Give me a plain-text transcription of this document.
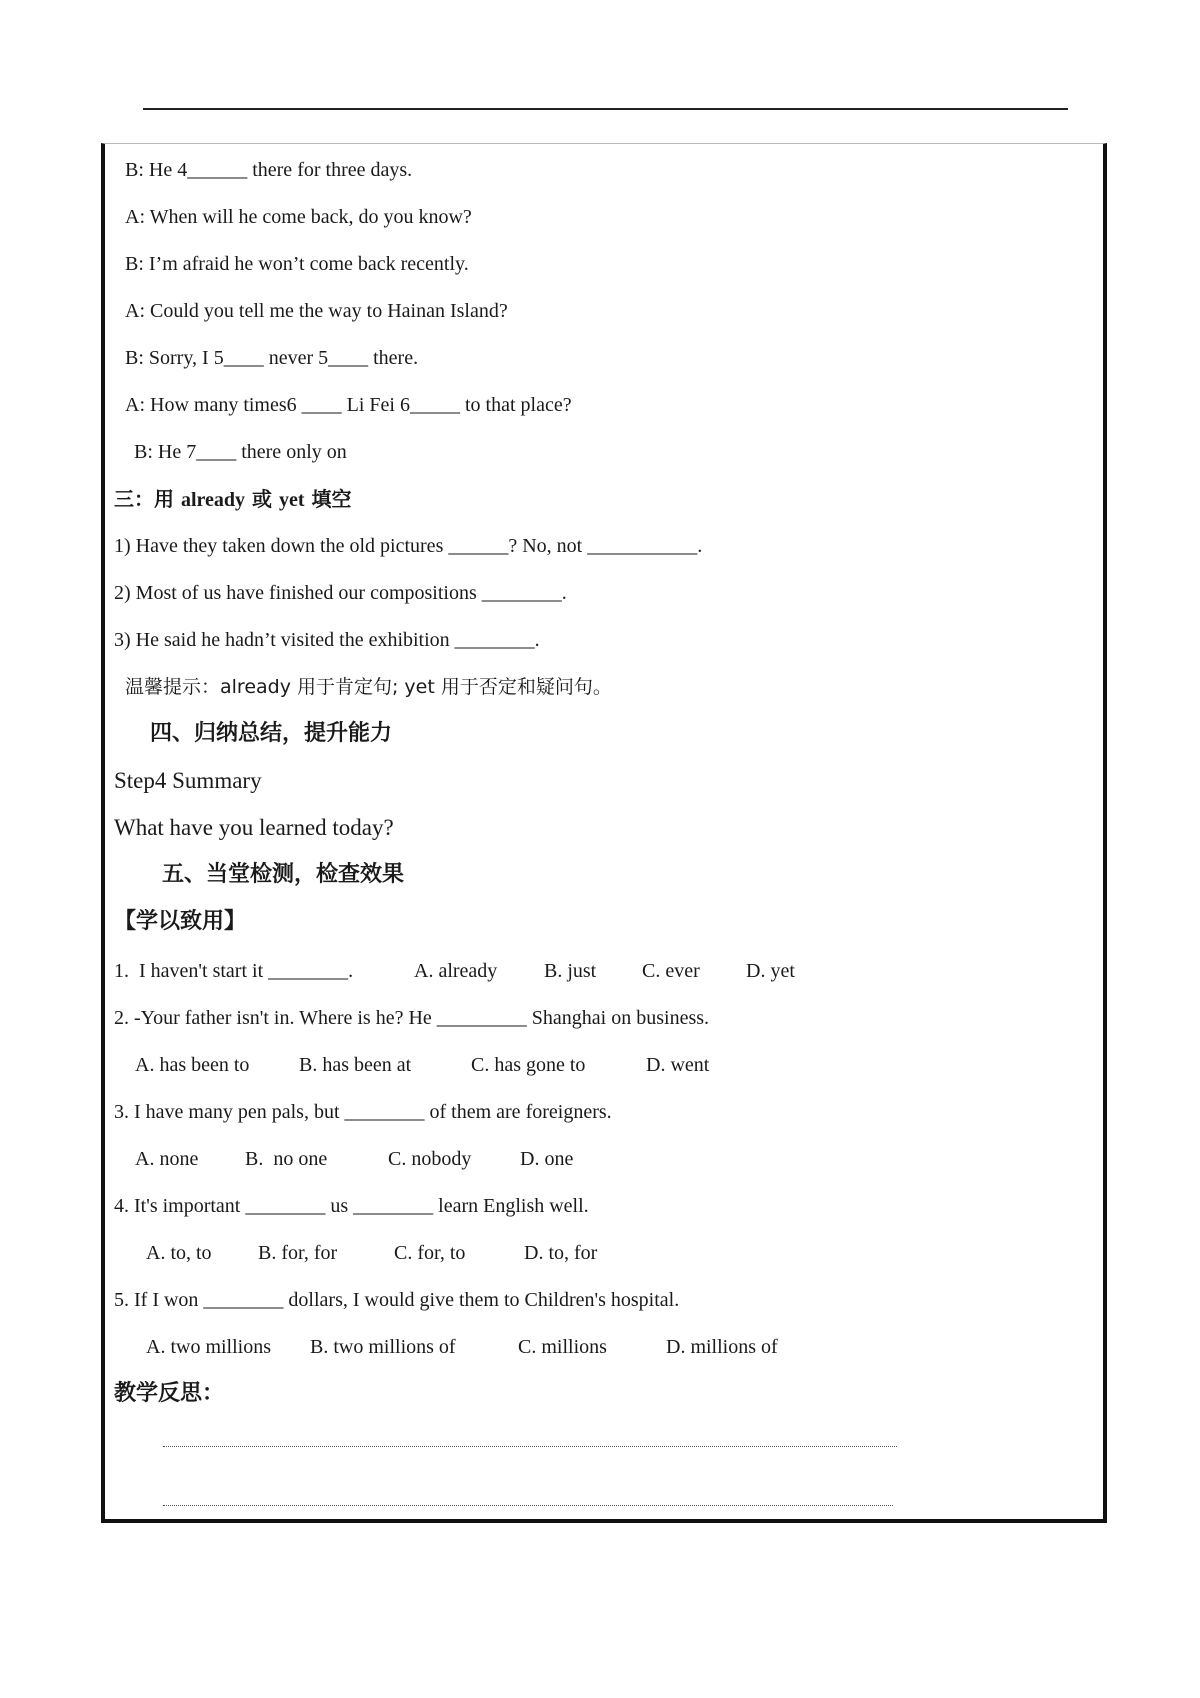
B: He 4______ there for three days.
A: When will he come back, do you know?
B: I’m afraid he won’t come back recently.
A: Could you tell me the way to Hainan Island?
B: Sorry, I 5____ never 5____ there.
A: How many times6 ____ Li Fei 6_____ to that place?
B: He 7____ there only on
三：用 already 或 yet 填空
1) Have they taken down the old pictures ______? No, not ___________.
2) Most of us have finished our compositions ________.
3) He said he hadn’t visited the exhibition ________.
温馨提示：already 用于肯定句; yet 用于否定和疑问句。
四、归纳总结，提升能力
Step4 Summary
What have you learned today?
五、当堂检测，检查效果
【学以致用】
1.  I haven't start it ________.	A. already B. just C. ever D. yet
2. -Your father isn't in. Where is he? He _________ Shanghai on business.
A. has been to B. has been at	C. has gone to	D. went
3. I have many pen pals, but ________ of them are foreigners.
A. none B.  no one	C. nobody D. one
4. It's important ________ us ________ learn English well.
A. to, to B. for, for	C. for, to	D. to, for
5. If I won ________ dollars, I would give them to Children's hospital.
A. two millions B. two millions of	C. millions	D. millions of
教学反思：
